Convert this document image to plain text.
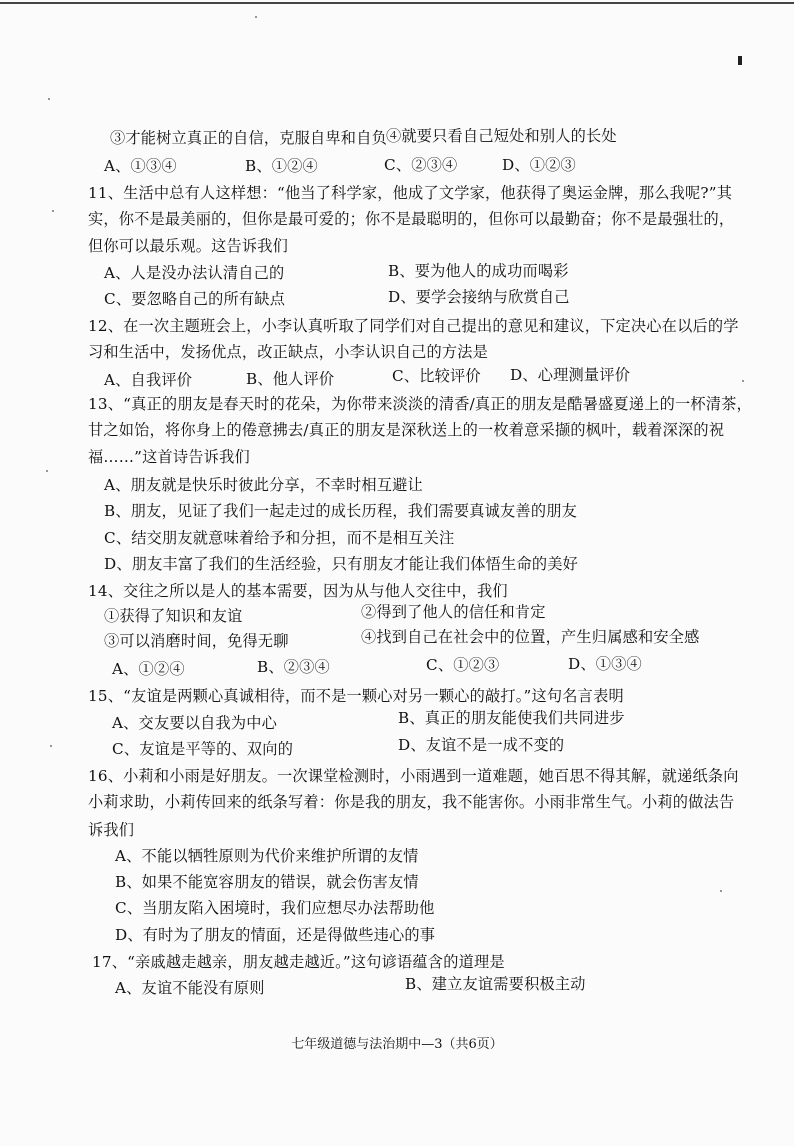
③才能树立真正的自信，克服自卑和自负 ④就要只看自己短处和别人的长处
A、①③④	B、①②④	C、②③④	D、①②③
11、生活中总有人这样想：“他当了科学家，他成了文学家，他获得了奥运金牌，那么我呢?”其
实，你不是最美丽的，但你是最可爱的；你不是最聪明的，但你可以最勤奋；你不是最强壮的，
但你可以最乐观。这告诉我们
A、人是没办法认清自己的	B、要为他人的成功而喝彩
C、要忽略自己的所有缺点	D、要学会接纳与欣赏自己
12、在一次主题班会上，小李认真听取了同学们对自己提出的意见和建议，下定决心在以后的学
习和生活中，发扬优点，改正缺点，小李认识自己的方法是
A、自我评价	B、他人评价	C、比较评价 D、心理测量评价
13、“真正的朋友是春天时的花朵，为你带来淡淡的清香/真正的朋友是酷暑盛夏递上的一杯清茶，
甘之如饴，将你身上的倦意拂去/真正的朋友是深秋送上的一枚着意采撷的枫叶，载着深深的祝
福……”这首诗告诉我们
A、朋友就是快乐时彼此分享，不幸时相互避让
B、朋友，见证了我们一起走过的成长历程，我们需要真诚友善的朋友
C、结交朋友就意味着给予和分担，而不是相互关注
D、朋友丰富了我们的生活经验，只有朋友才能让我们体悟生命的美好
14、交往之所以是人的基本需要，因为从与他人交往中，我们
①获得了知识和友谊	②得到了他人的信任和肯定
③可以消磨时间，免得无聊	④找到自己在社会中的位置，产生归属感和安全感
A、①②④	B、②③④	C、①②③	D、①③④
15、“友谊是两颗心真诚相待，而不是一颗心对另一颗心的敲打。”这句名言表明
A、交友要以自我为中心	B、真正的朋友能使我们共同进步
C、友谊是平等的、双向的	D、友谊不是一成不变的
16、小莉和小雨是好朋友。一次课堂检测时，小雨遇到一道难题，她百思不得其解，就递纸条向
小莉求助，小莉传回来的纸条写着：你是我的朋友，我不能害你。小雨非常生气。小莉的做法告
诉我们
A、不能以牺牲原则为代价来维护所谓的友情
B、如果不能宽容朋友的错误，就会伤害友情
C、当朋友陷入困境时，我们应想尽办法帮助他
D、有时为了朋友的情面，还是得做些违心的事
17、“亲戚越走越亲，朋友越走越近。”这句谚语蕴含的道理是
A、友谊不能没有原则	B、建立友谊需要积极主动
七年级道德与法治期中—3（共6页）
